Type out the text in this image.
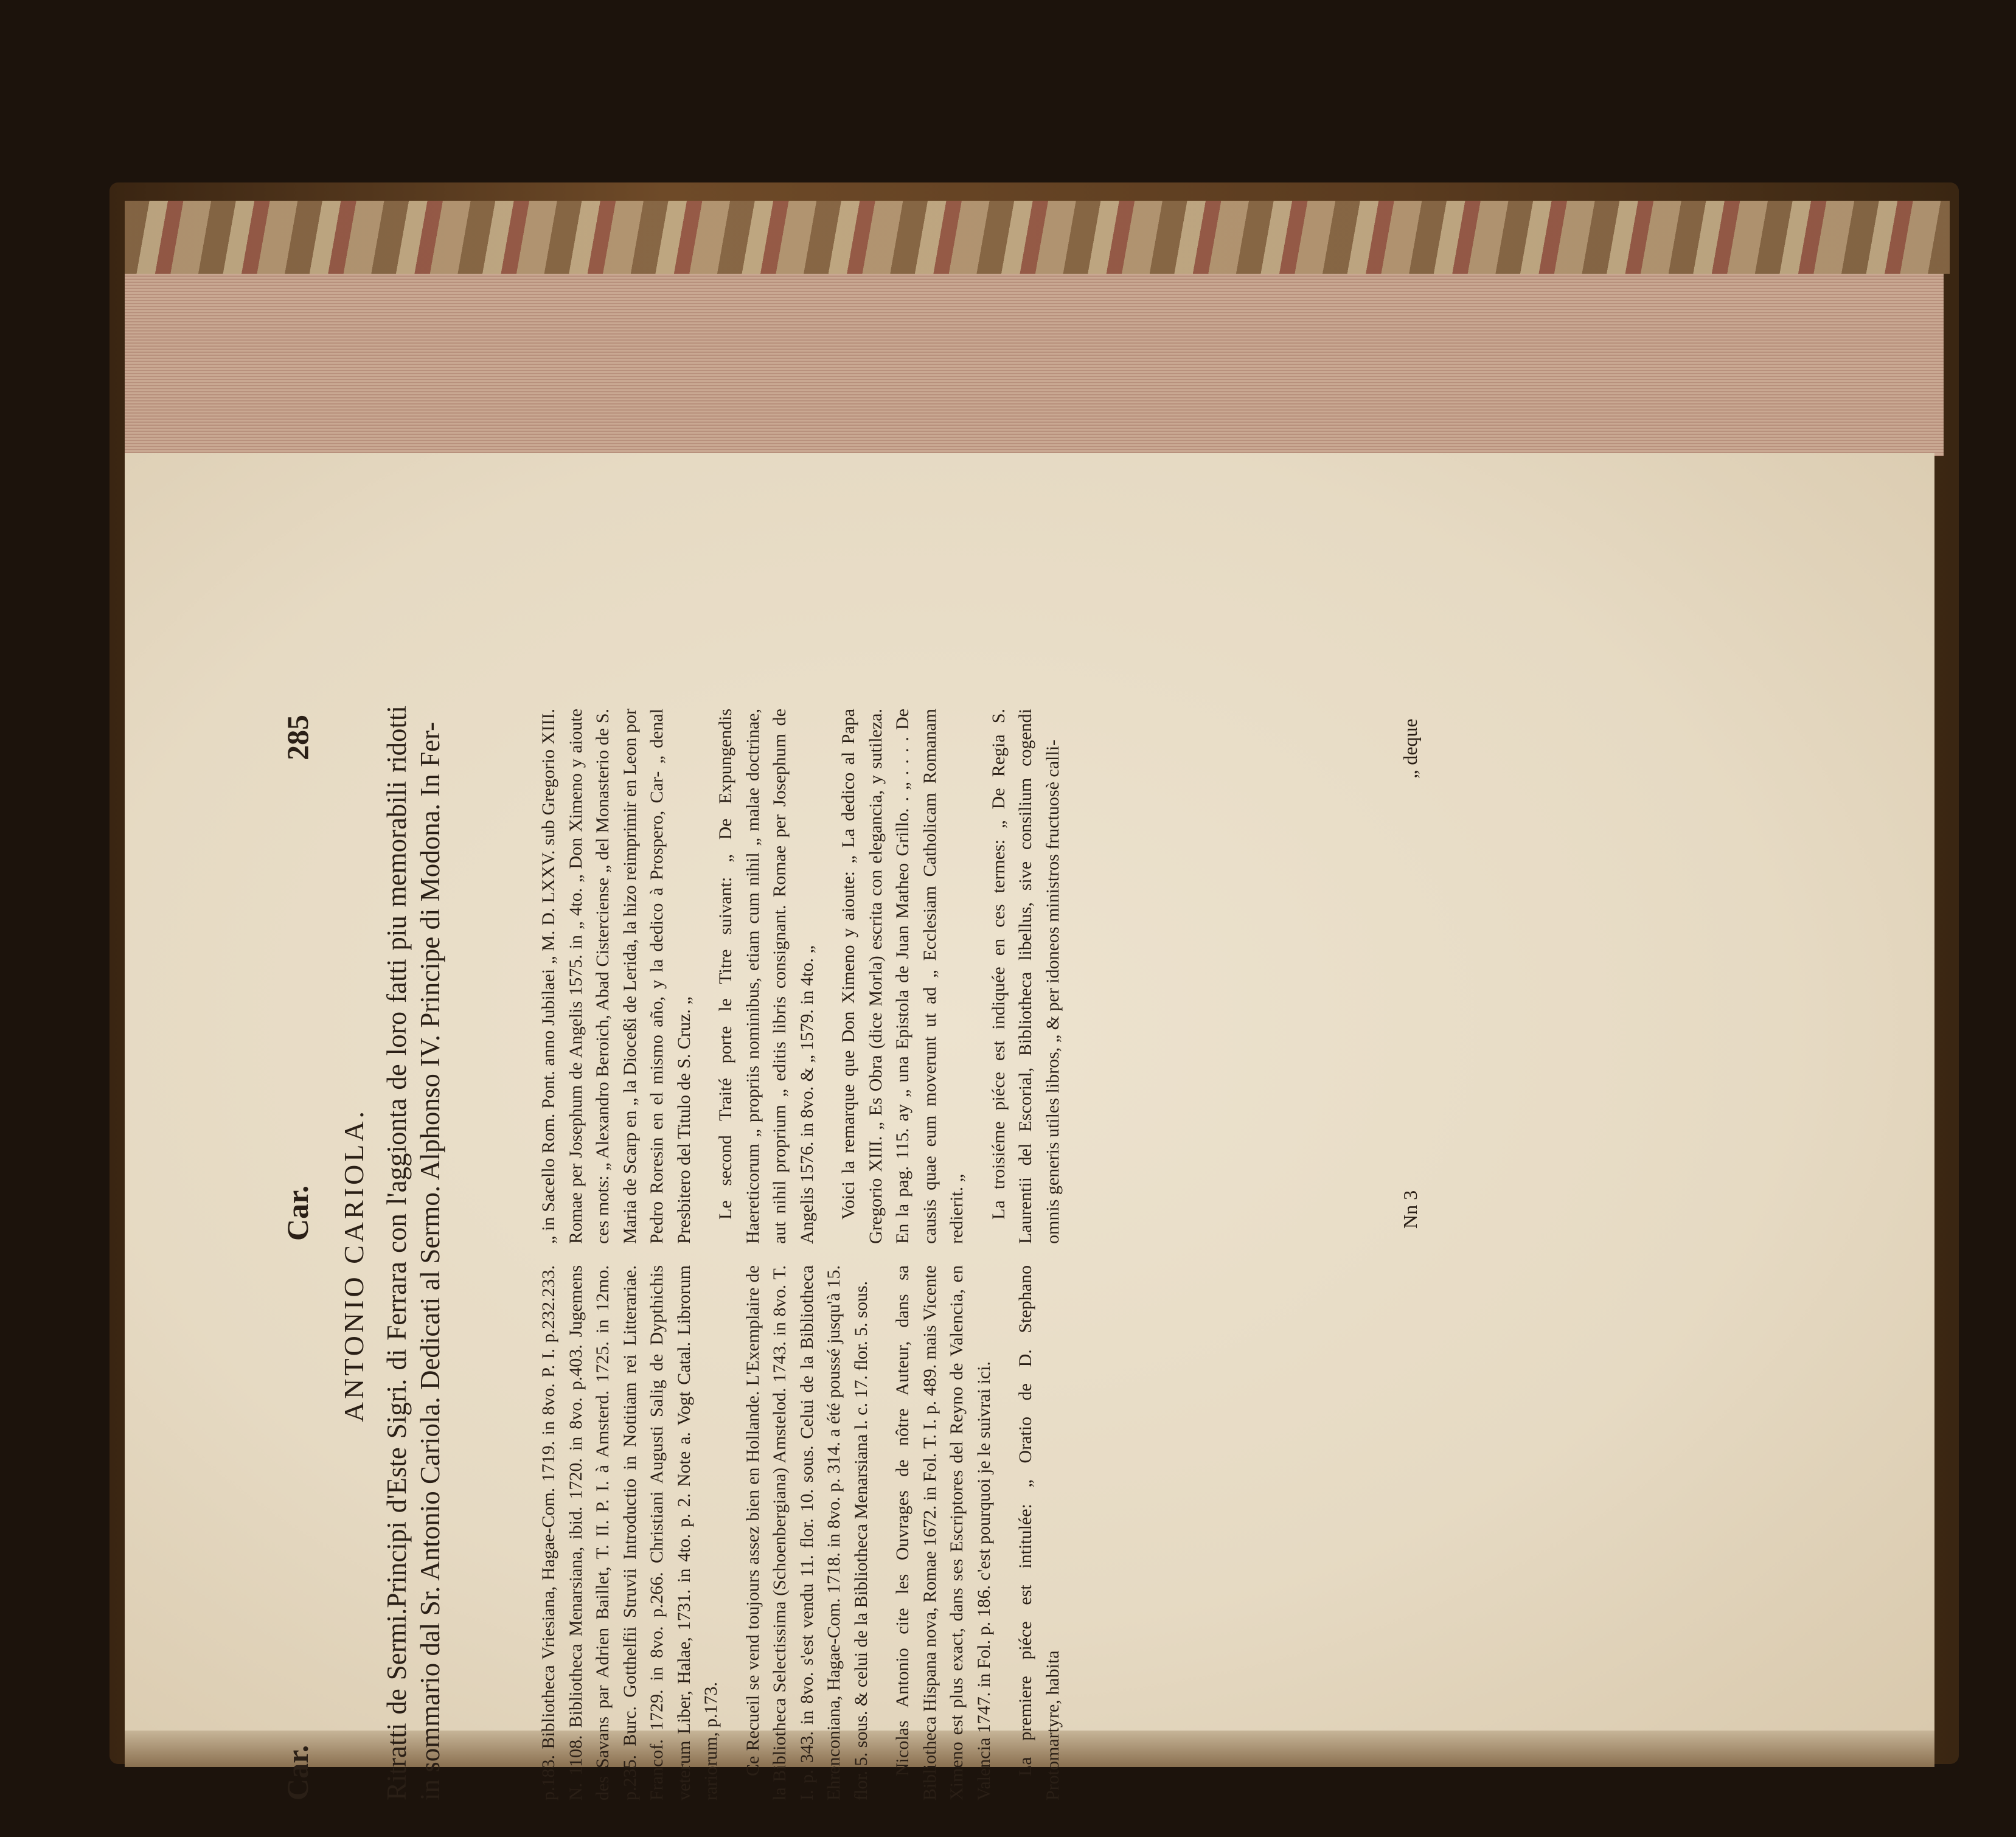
Car.
Car.
285
ANTONIO CARIOLA. Ritratti de Sermi.Principi d'Este Sigri. di Ferrara con l'aggionta de loro fatti piu memorabili ridotti in sommario dal Sr. Antonio Cariola. Dedicati al Sermo. Alphonso IV. Principe di Modona. In Fer-	p.183. Bibliotheca Vriesiana, Hagae-Com. 1719. in 8vo. P. I. p.232.233. N. 1108. Bibliotheca Menarsiana, ibid. 1720. in 8vo. p.403. Jugemens des Savans par Adrien Baillet, T. II. P. I. à Amsterd. 1725. in 12mo. p.235. Burc. Gotthelfii Struvii Introductio in Notitiam rei Litterariae. Francof. 1729. in 8vo. p.266. Christiani Augusti Salig de Dypthichis veterum Liber, Halae, 1731. in 4to. p. 2. Note a. Vogt Catal. Librorum rariorum, p.173. Ce Recueil se vend toujours assez bien en Hollande. L'Exemplaire de la Bibliotheca Selectissima (Schoenbergiana) Amstelod. 1743. in 8vo. T. I. p. 343. in 8vo. s'est vendu 11. flor. 10. sous. Celui de la Bibliotheca Ehrenconiana, Hagae-Com. 1718. in 8vo. p. 314. a été poussé jusqu'à 15. flor. 5. sous. & celui de la Bibliotheca Menarsiana l. c. 17. flor. 5. sous. Nicolas Antonio cite les Ouvrages de nôtre Auteur, dans sa Bibliotheca Hispana nova, Romae 1672. in Fol. T. I. p. 489. mais Vicente Ximeno est plus exact, dans ses Escriptores del Reyno de Valencia, en Valencia 1747. in Fol. p. 186. c'est pourquoi je le suivrai ici. La premiere piéce est intitulée: „ Oratio de D. Stephano Protomartyre, habita

„ in Sacello Rom. Pont. anno Jubilaei „ M. D. LXXV. sub Gregorio XIII. Romae per Josephum de Angelis 1575. in „ 4to. „ Don Ximeno y aioute ces mots: „ Alexandro Beroich, Abad Cisterciense „ del Monasterio de S. Maria de Scarp en „ la Dioceßi de Lerida, la hizo reimprimir en Leon por Pedro Roresin en el mismo año, y la dedico à Prospero, Car- „ denal Presbitero del Titulo de S. Cruz. „ Le second Traité porte le Titre suivant: „ De Expungendis Haereticorum „ propriis nominibus, etiam cum nihil „ malae doctrinae, aut nihil proprium „ editis libris consignant. Romae per Josephum de Angelis 1576. in 8vo. & „ 1579. in 4to. „ Voici la remarque que Don Ximeno y aioute: „ La dedico al Papa Gregorio XIII. „ Es Obra (dice Morla) escrita con elegancia, y sutileza. En la pag. 115. ay „ una Epistola de Juan Matheo Grillo. . „ . . . . De causis quae eum moverunt ut ad „ Ecclesiam Catholicam Romanam redierit. „ La troisiéme piéce est indiquée en ces termes: „ De Regia S. Laurentii del Escorial, Bibliotheca libellus, sive consilium cogendi omnis generis utiles libros, „ & per idoneos ministros fructuosè calli-	Nn 3
„ deque
